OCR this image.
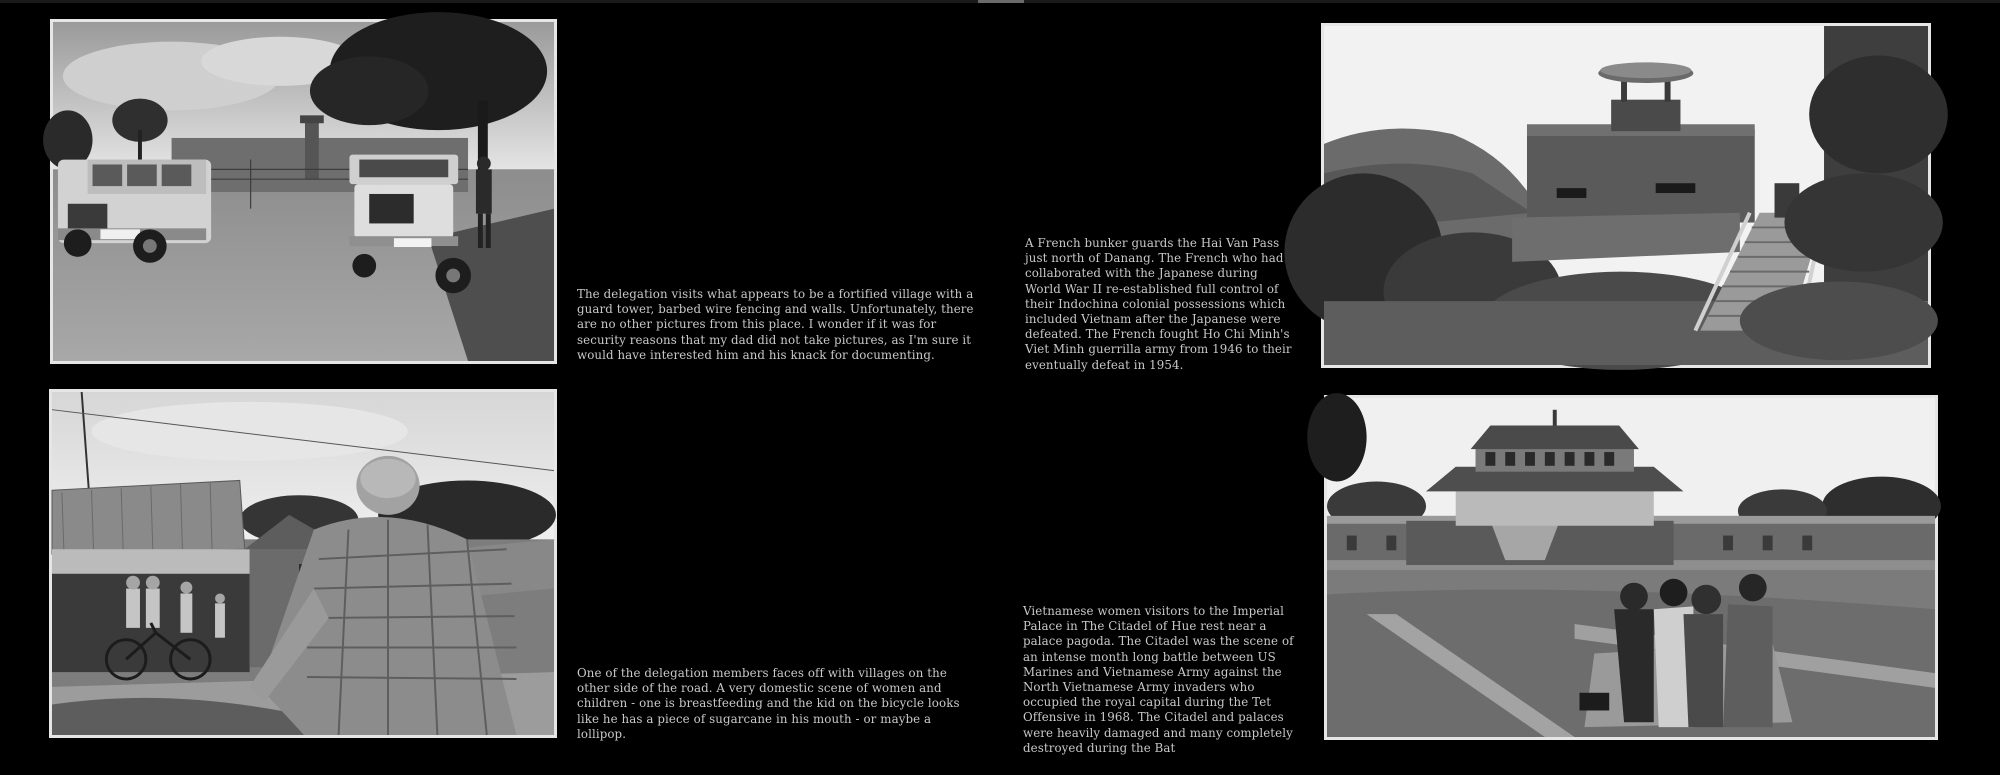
The delegation visits what appears to be a fortified village with a guard tower, barbed wire fencing and walls. Unfortunately, there are no other pictures from this place. I wonder if it was for security reasons that my dad did not take pictures, as I'm sure it would have interested him and his knack for documenting.

One of the delegation members faces off with villages on the other side of the road. A very domestic scene of women and children - one is breastfeeding and the kid on the bicycle looks like he has a piece of sugarcane in his mouth - or maybe a lollipop.

A French bunker guards the Hai Van Pass just north of Danang. The French who had collaborated with the Japanese during World War II re-established full control of their Indochina colonial possessions which included Vietnam after the Japanese were defeated. The French fought Ho Chi Minh's Viet Minh guerrilla army from 1946 to their eventually defeat in 1954.

Vietnamese women visitors to the Imperial Palace in The Citadel of Hue rest near a palace pagoda. The Citadel was the scene of an intense month long battle between US Marines and Vietnamese Army against the North Vietnamese Army invaders who occupied the royal capital during the Tet Offensive in 1968. The Citadel and palaces were heavily damaged and many completely destroyed during the Bat
